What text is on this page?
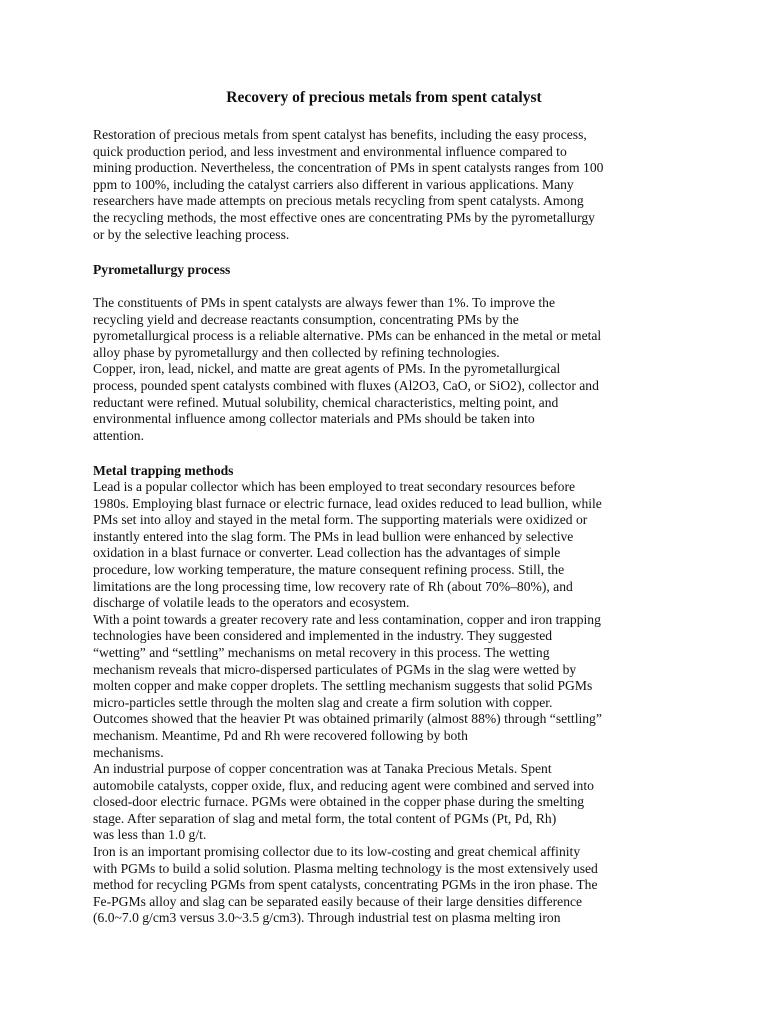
Recovery of precious metals from spent catalyst
Restoration of precious metals from spent catalyst has benefits, including the easy process,
quick production period, and less investment and environmental influence compared to
mining production. Nevertheless, the concentration of PMs in spent catalysts ranges from 100
ppm to 100%, including the catalyst carriers also different in various applications. Many
researchers have made attempts on precious metals recycling from spent catalysts. Among
the recycling methods, the most effective ones are concentrating PMs by the pyrometallurgy
or by the selective leaching process.
Pyrometallurgy process
The constituents of PMs in spent catalysts are always fewer than 1%. To improve the
recycling yield and decrease reactants consumption, concentrating PMs by the
pyrometallurgical process is a reliable alternative. PMs can be enhanced in the metal or metal
alloy phase by pyrometallurgy and then collected by refining technologies.
Copper, iron, lead, nickel, and matte are great agents of PMs. In the pyrometallurgical
process, pounded spent catalysts combined with fluxes (Al2O3, CaO, or SiO2), collector and
reductant were refined. Mutual solubility, chemical characteristics, melting point, and
environmental influence among collector materials and PMs should be taken into
attention.
Metal trapping methods
Lead is a popular collector which has been employed to treat secondary resources before
1980s. Employing blast furnace or electric furnace, lead oxides reduced to lead bullion, while
PMs set into alloy and stayed in the metal form. The supporting materials were oxidized or
instantly entered into the slag form. The PMs in lead bullion were enhanced by selective
oxidation in a blast furnace or converter. Lead collection has the advantages of simple
procedure, low working temperature, the mature consequent refining process. Still, the
limitations are the long processing time, low recovery rate of Rh (about 70%–80%), and
discharge of volatile leads to the operators and ecosystem.
With a point towards a greater recovery rate and less contamination, copper and iron trapping
technologies have been considered and implemented in the industry. They suggested
“wetting” and “settling” mechanisms on metal recovery in this process. The wetting
mechanism reveals that micro-dispersed particulates of PGMs in the slag were wetted by
molten copper and make copper droplets. The settling mechanism suggests that solid PGMs
micro-particles settle through the molten slag and create a firm solution with copper.
Outcomes showed that the heavier Pt was obtained primarily (almost 88%) through “settling”
mechanism. Meantime, Pd and Rh were recovered following by both
mechanisms.
An industrial purpose of copper concentration was at Tanaka Precious Metals. Spent
automobile catalysts, copper oxide, flux, and reducing agent were combined and served into
closed-door electric furnace. PGMs were obtained in the copper phase during the smelting
stage. After separation of slag and metal form, the total content of PGMs (Pt, Pd, Rh)
was less than 1.0 g/t.
Iron is an important promising collector due to its low-costing and great chemical affinity
with PGMs to build a solid solution. Plasma melting technology is the most extensively used
method for recycling PGMs from spent catalysts, concentrating PGMs in the iron phase. The
Fe-PGMs alloy and slag can be separated easily because of their large densities difference
(6.0~7.0 g/cm3 versus 3.0~3.5 g/cm3). Through industrial test on plasma melting iron
